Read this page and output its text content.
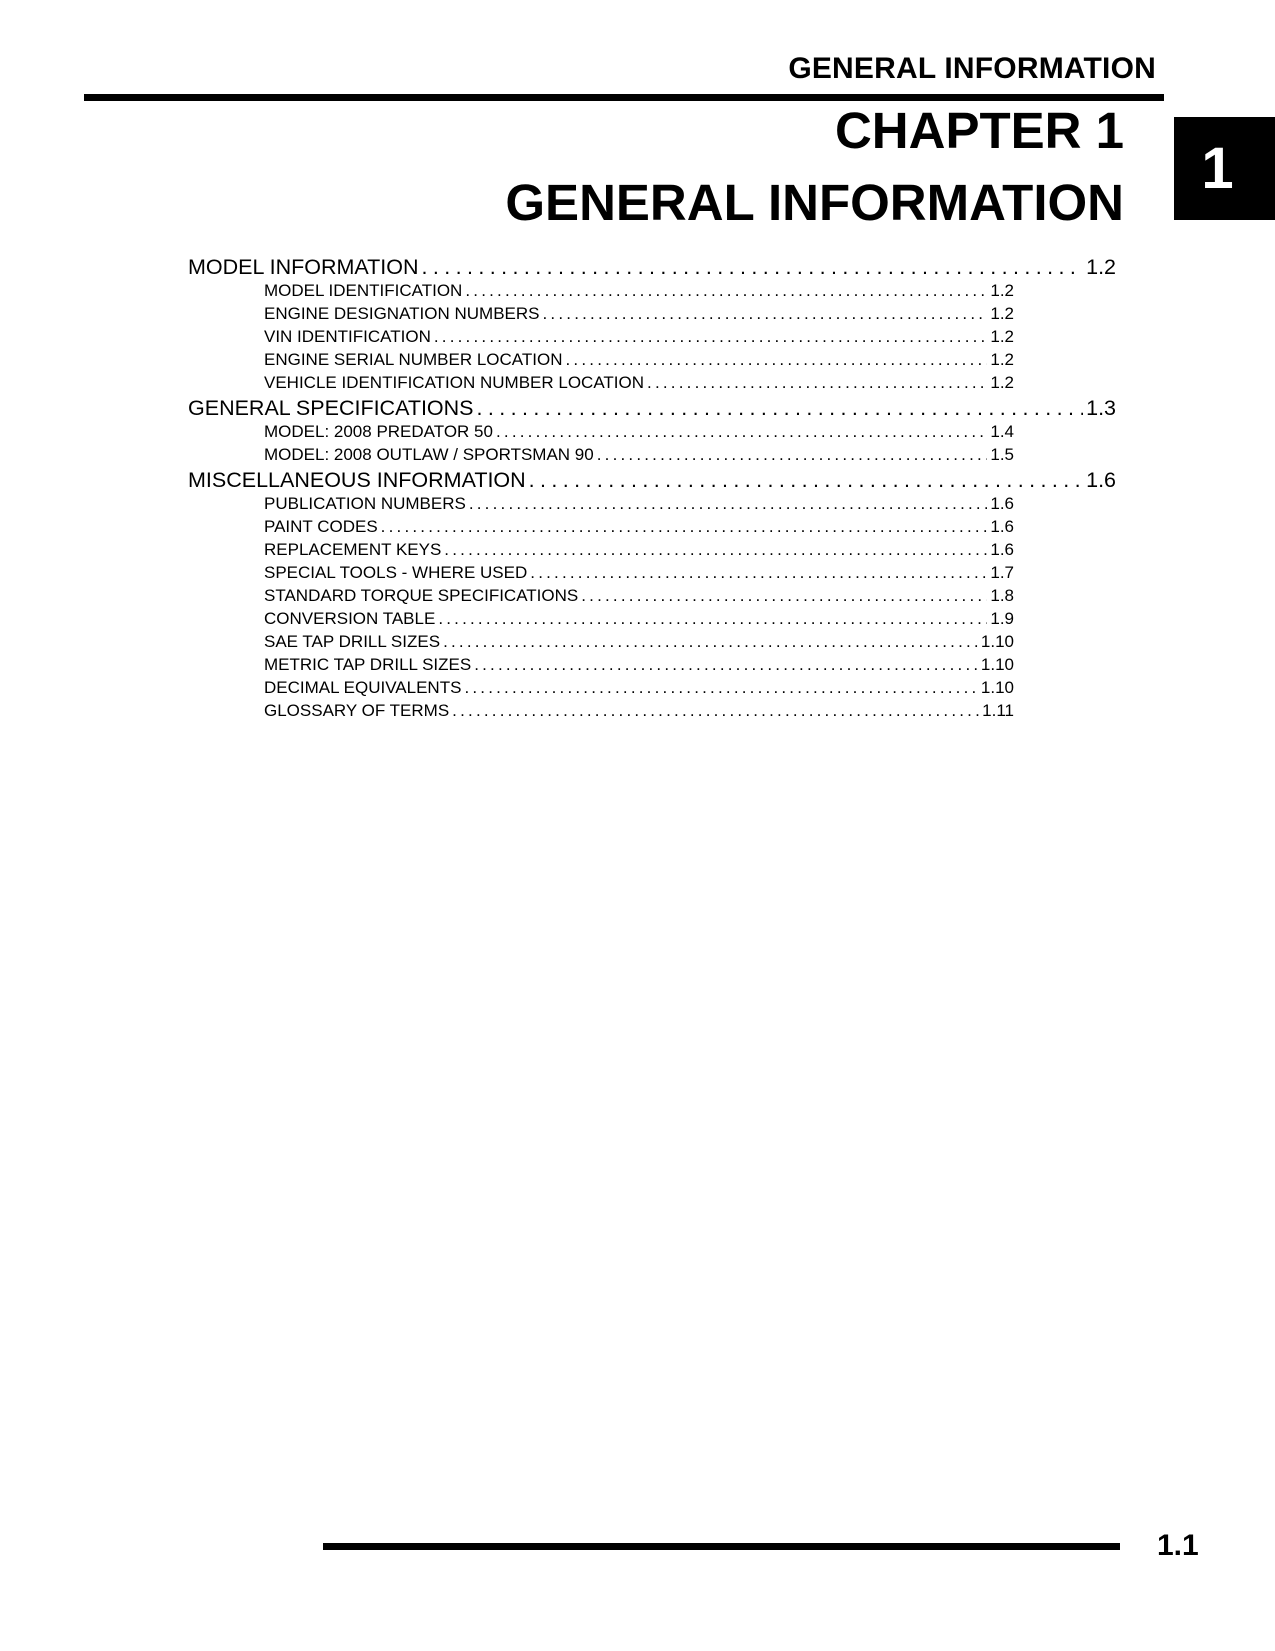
GENERAL INFORMATION
1
CHAPTER 1
GENERAL INFORMATION
MODEL INFORMATION .....	1.2
MODEL IDENTIFICATION .....	1.2
ENGINE DESIGNATION NUMBERS .....	1.2
VIN IDENTIFICATION .....	1.2
ENGINE SERIAL NUMBER LOCATION .....	1.2
VEHICLE IDENTIFICATION NUMBER LOCATION .....	1.2
GENERAL SPECIFICATIONS .....	1.3
MODEL: 2008 PREDATOR 50 .....	1.4
MODEL: 2008 OUTLAW / SPORTSMAN 90 .....	1.5
MISCELLANEOUS INFORMATION .....	1.6
PUBLICATION NUMBERS .....	1.6
PAINT CODES .....	1.6
REPLACEMENT KEYS .....	1.6
SPECIAL TOOLS - WHERE USED .....	1.7
STANDARD TORQUE SPECIFICATIONS .....	1.8
CONVERSION TABLE .....	1.9
SAE TAP DRILL SIZES .....	1.10
METRIC TAP DRILL SIZES .....	1.10
DECIMAL EQUIVALENTS .....	1.10
GLOSSARY OF TERMS .....	1.11
1.1
